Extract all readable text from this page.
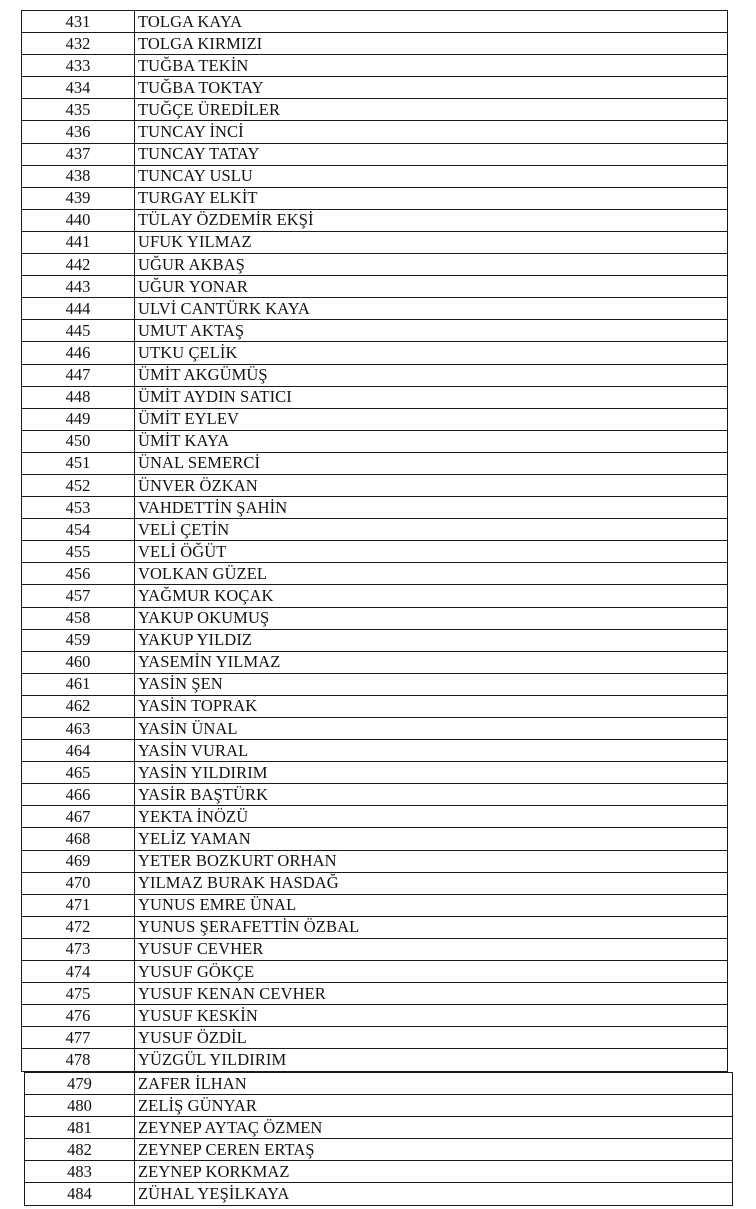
431	TOLGA KAYA
432	TOLGA KIRMIZI
433	TUĞBA TEKİN
434	TUĞBA TOKTAY
435	TUĞÇE ÜREDİLER
436	TUNCAY İNCİ
437	TUNCAY TATAY
438	TUNCAY USLU
439	TURGAY ELKİT
440	TÜLAY ÖZDEMİR EKŞİ
441	UFUK YILMAZ
442	UĞUR AKBAŞ
443	UĞUR YONAR
444	ULVİ CANTÜRK KAYA
445	UMUT AKTAŞ
446	UTKU ÇELİK
447	ÜMİT AKGÜMÜŞ
448	ÜMİT AYDIN SATICI
449	ÜMİT EYLEV
450	ÜMİT KAYA
451	ÜNAL SEMERCİ
452	ÜNVER ÖZKAN
453	VAHDETTİN ŞAHİN
454	VELİ ÇETİN
455	VELİ ÖĞÜT
456	VOLKAN GÜZEL
457	YAĞMUR KOÇAK
458	YAKUP OKUMUŞ
459	YAKUP YILDIZ
460	YASEMİN YILMAZ
461	YASİN ŞEN
462	YASİN TOPRAK
463	YASİN ÜNAL
464	YASİN VURAL
465	YASİN YILDIRIM
466	YASİR BAŞTÜRK
467	YEKTA İNÖZÜ
468	YELİZ YAMAN
469	YETER BOZKURT ORHAN
470	YILMAZ BURAK HASDAĞ
471	YUNUS EMRE ÜNAL
472	YUNUS ŞERAFETTİN ÖZBAL
473	YUSUF CEVHER
474	YUSUF GÖKÇE
475	YUSUF KENAN CEVHER
476	YUSUF KESKİN
477	YUSUF ÖZDİL
478	YÜZGÜL YILDIRIM
479	ZAFER İLHAN
480	ZELİŞ GÜNYAR
481	ZEYNEP AYTAÇ ÖZMEN
482	ZEYNEP CEREN ERTAŞ
483	ZEYNEP KORKMAZ
484	ZÜHAL YEŞİLKAYA
